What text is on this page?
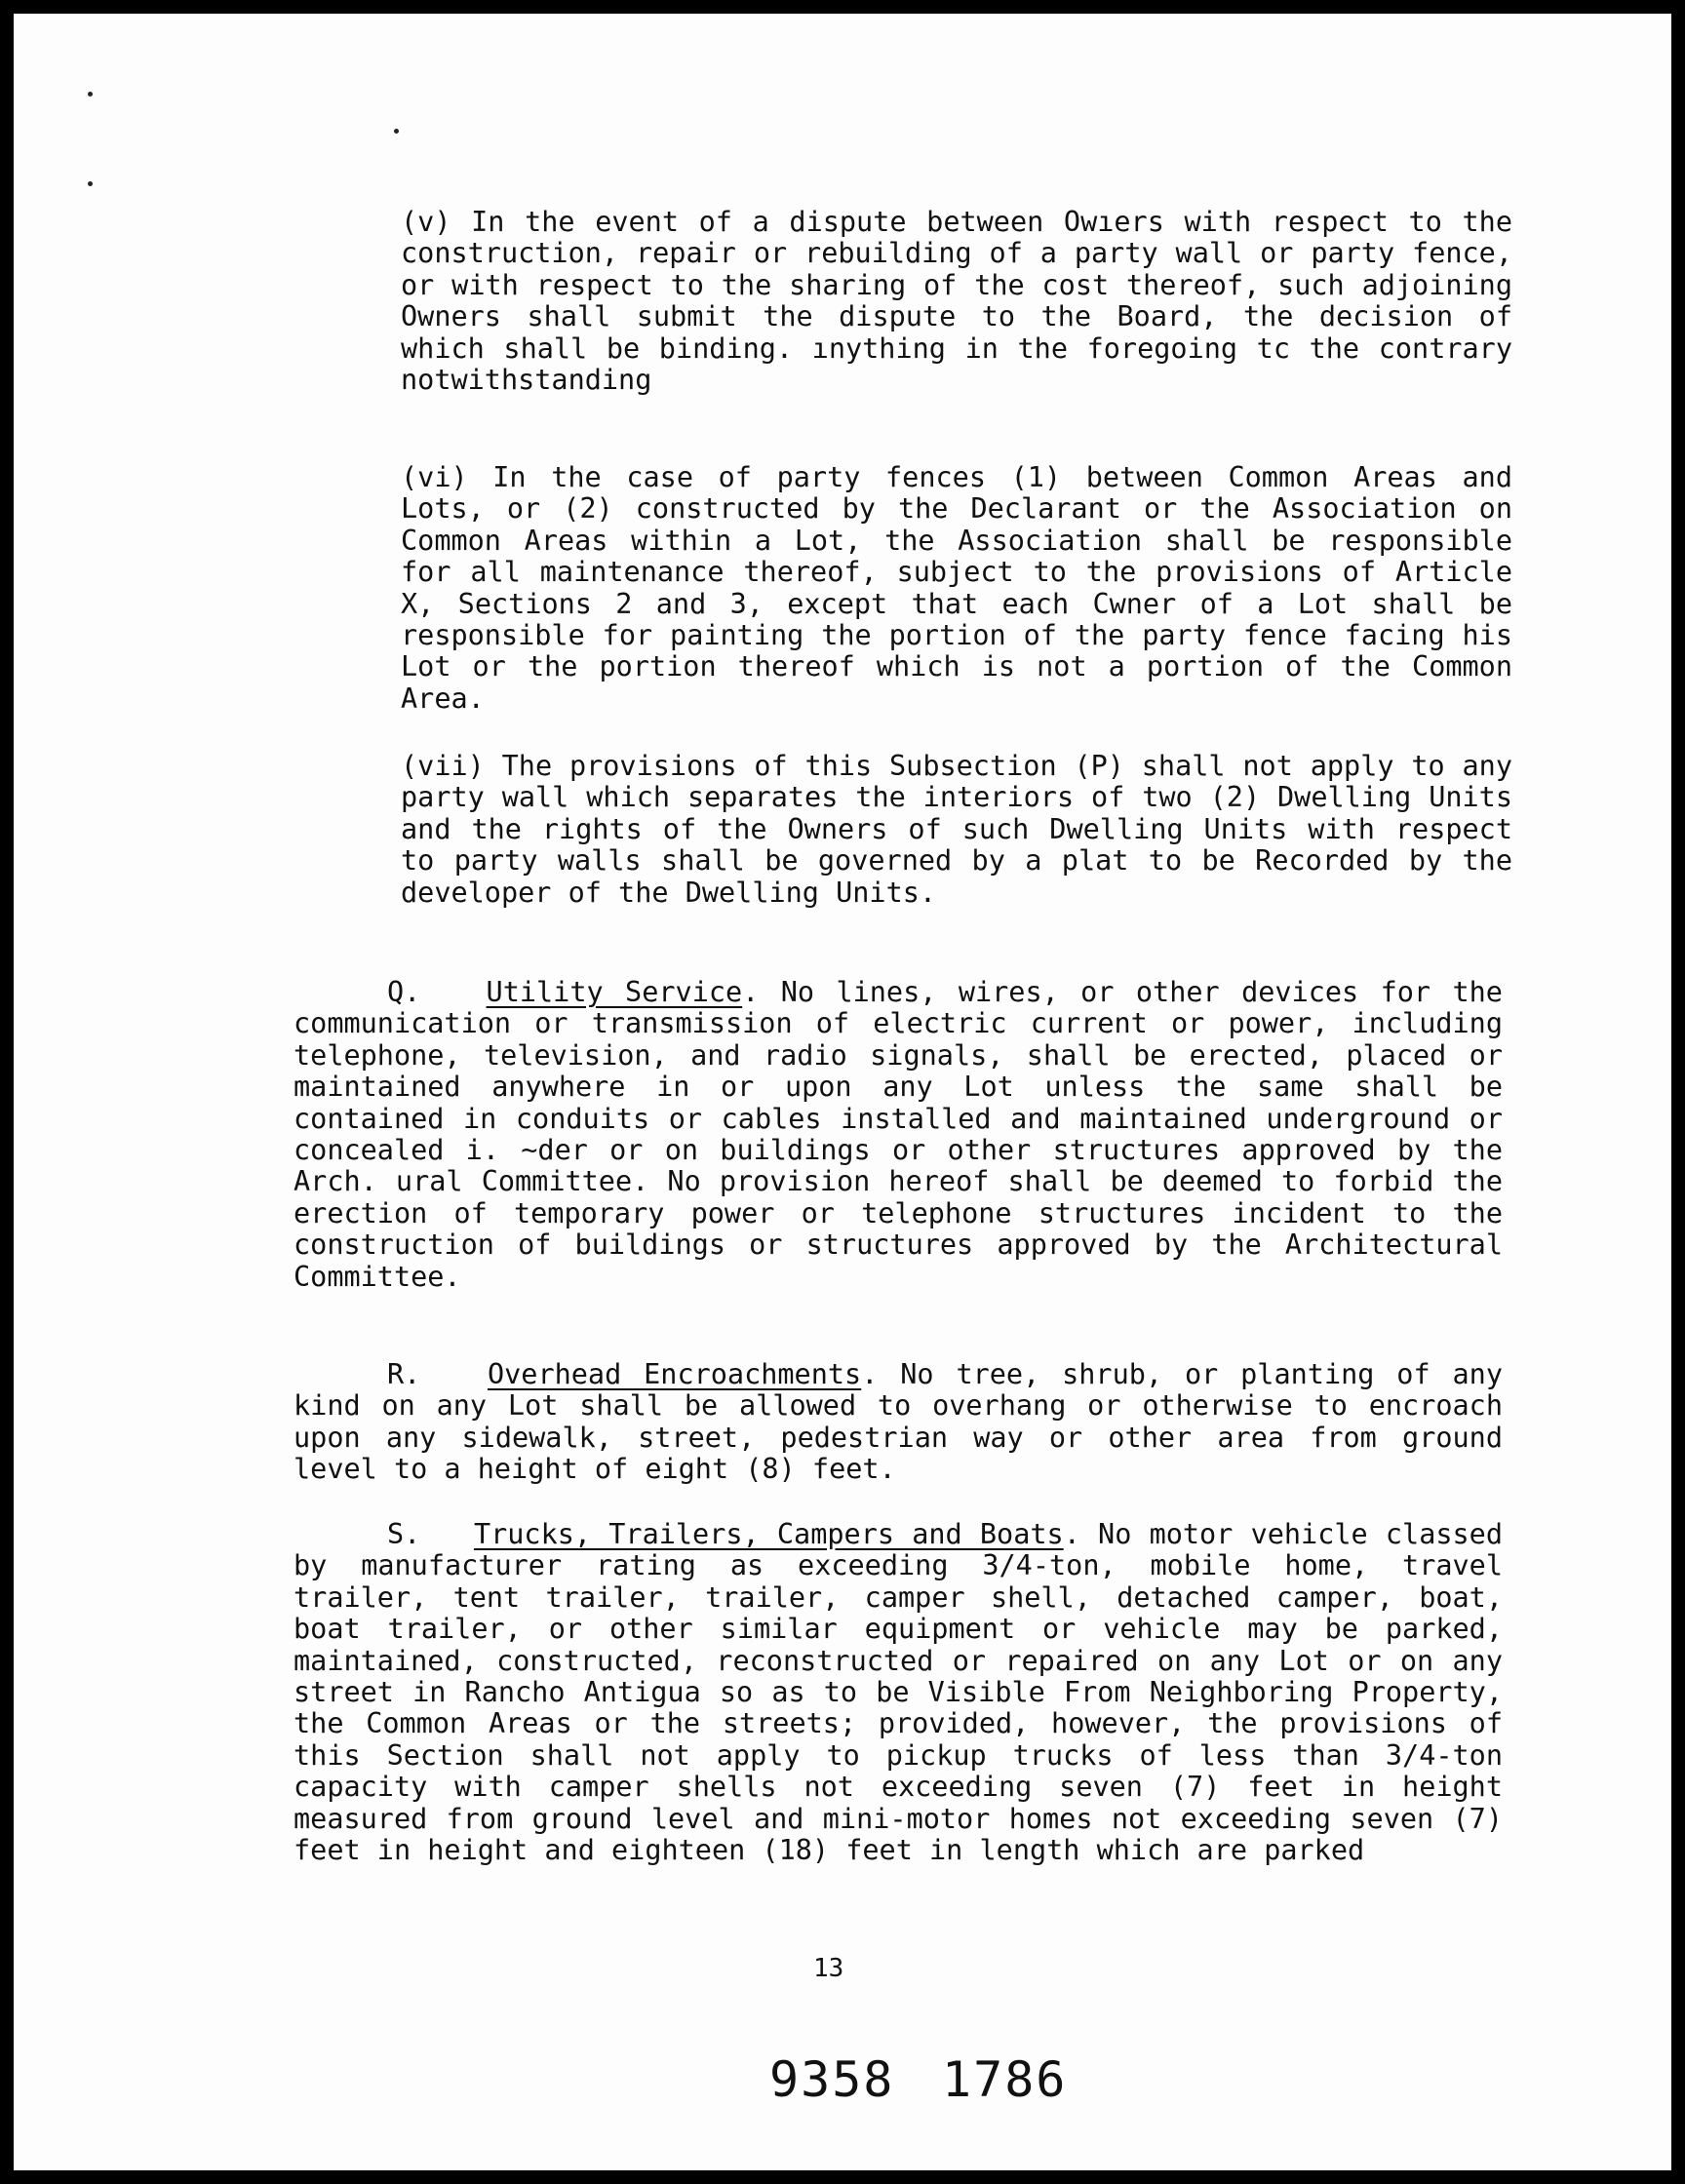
(v) In the event of a dispute between Owıers with respect to the construction, repair or rebuilding of a party wall or party fence, or with respect to the sharing of the cost thereof, such adjoining Owners shall submit the dispute to the Board, the decision of which shall be binding. ınything in the foregoing tc the contrary notwithstanding
(vi) In the case of party fences (1) between Common Areas and Lots, or (2) constructed by the Declarant or the Association on Common Areas within a Lot, the Association shall be responsible for all maintenance thereof, subject to the provisions of Article X, Sections 2 and 3, except that each Cwner of a Lot shall be responsible for painting the portion of the party fence facing his Lot or the portion thereof which is not a portion of the Common Area.
(vii) The provisions of this Subsection (P) shall not apply to any party wall which separates the interiors of two (2) Dwelling Units and the rights of the Owners of such Dwelling Units with respect to party walls shall be governed by a plat to be Recorded by the developer of the Dwelling Units.
Q. Utility Service. No lines, wires, or other devices for the communication or transmission of electric current or power, including telephone, television, and radio signals, shall be erected, placed or maintained anywhere in or upon any Lot unless the same shall be contained in conduits or cables installed and maintained underground or concealed i. ~der or on buildings or other structures approved by the Arch. ural Committee. No provision hereof shall be deemed to forbid the erection of temporary power or telephone structures incident to the construction of buildings or structures approved by the Architectural Committee.
R. Overhead Encroachments. No tree, shrub, or planting of any kind on any Lot shall be allowed to overhang or otherwise to encroach upon any sidewalk, street, pedestrian way or other area from ground level to a height of eight (8) feet.
S. Trucks, Trailers, Campers and Boats. No motor vehicle classed by manufacturer rating as exceeding 3/4-ton, mobile home, travel trailer, tent trailer, trailer, camper shell, detached camper, boat, boat trailer, or other similar equipment or vehicle may be parked, maintained, constructed, reconstructed or repaired on any Lot or on any street in Rancho Antigua so as to be Visible From Neighboring Property, the Common Areas or the streets; provided, however, the provisions of this Section shall not apply to pickup trucks of less than 3/4-ton capacity with camper shells not exceeding seven (7) feet in height measured from ground level and mini-motor homes not exceeding seven (7) feet in height and eighteen (18) feet in length which are parked
13
9358 1786
